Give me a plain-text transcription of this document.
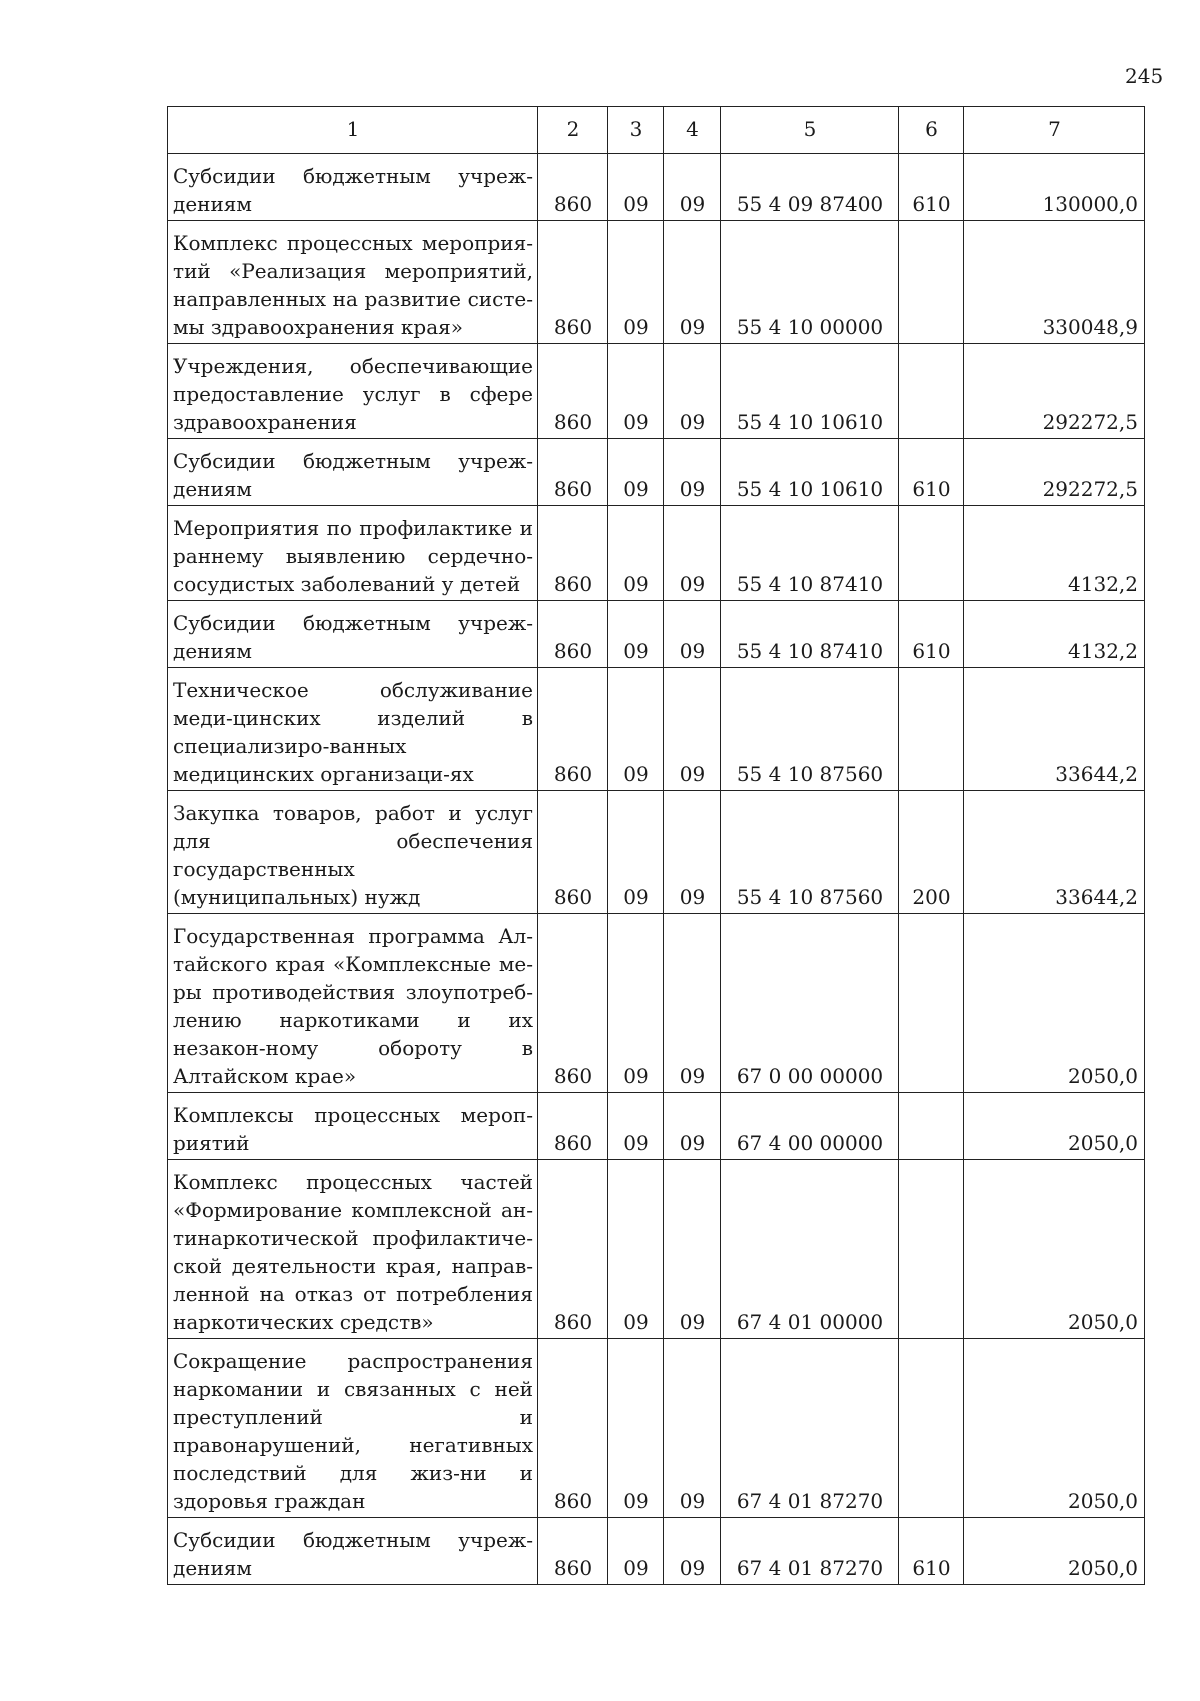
245
1	2	3	4	5	6	7
Субсидии бюджетным учреж-дениям	860	09	09	55 4 09 87400	610	130000,0
Комплекс процессных мероприя-тий «Реализация мероприятий, направленных на развитие систе-мы здравоохранения края»	860	09	09	55 4 10 00000		330048,9
Учреждения, обеспечивающие предоставление услуг в сфере здравоохранения	860	09	09	55 4 10 10610		292272,5
Субсидии бюджетным учреж-дениям	860	09	09	55 4 10 10610	610	292272,5
Мероприятия по профилактике и раннему выявлению сердечно-сосудистых заболеваний у детей	860	09	09	55 4 10 87410		4132,2
Субсидии бюджетным учреж-дениям	860	09	09	55 4 10 87410	610	4132,2
Техническое обслуживание меди-цинских изделий в специализиро-ванных медицинских организаци-ях	860	09	09	55 4 10 87560		33644,2
Закупка товаров, работ и услуг для обеспечения государственных (муниципальных) нужд	860	09	09	55 4 10 87560	200	33644,2
Государственная программа Ал-тайского края «Комплексные ме-ры противодействия злоупотреб-лению наркотиками и их незакон-ному обороту в Алтайском крае»	860	09	09	67 0 00 00000		2050,0
Комплексы процессных мероп-риятий	860	09	09	67 4 00 00000		2050,0
Комплекс процессных частей «Формирование комплексной ан-тинаркотической профилактиче-ской деятельности края, направ-ленной на отказ от потребления наркотических средств»	860	09	09	67 4 01 00000		2050,0
Сокращение распространения наркомании и связанных с ней преступлений и правонарушений, негативных последствий для жиз-ни и здоровья граждан	860	09	09	67 4 01 87270		2050,0
Субсидии бюджетным учреж-дениям	860	09	09	67 4 01 87270	610	2050,0
